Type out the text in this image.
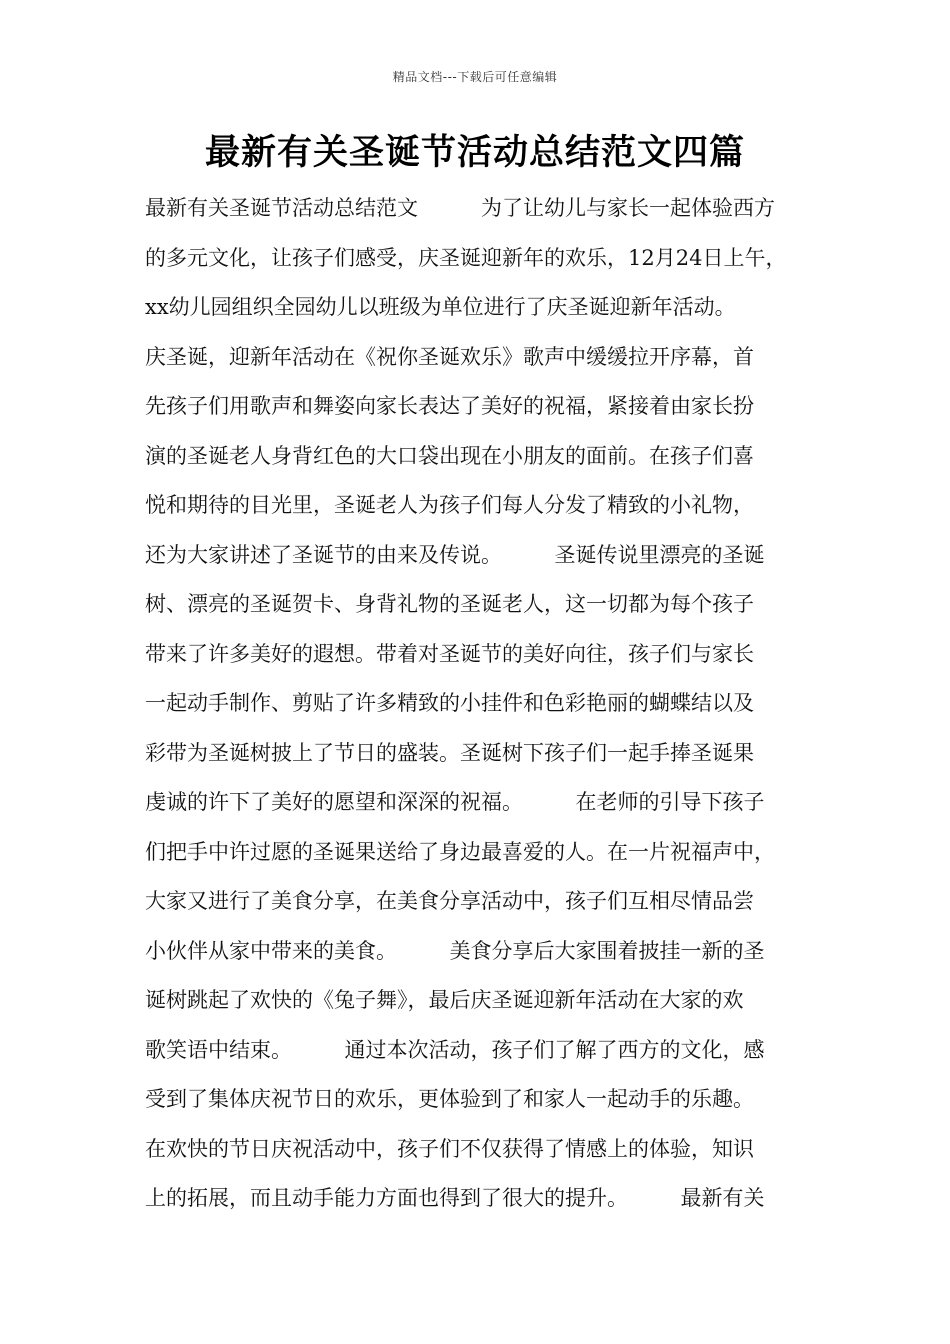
精品文档---下载后可任意编辑
最新有关圣诞节活动总结范文四篇
最新有关圣诞节活动总结范文　　　为了让幼儿与家长一起体验西方
的多元文化，让孩子们感受，庆圣诞迎新年的欢乐，12月24日上午，
xx幼儿园组织全园幼儿以班级为单位进行了庆圣诞迎新年活动。
庆圣诞，迎新年活动在《祝你圣诞欢乐》歌声中缓缓拉开序幕，首
先孩子们用歌声和舞姿向家长表达了美好的祝福，紧接着由家长扮
演的圣诞老人身背红色的大口袋出现在小朋友的面前。在孩子们喜
悦和期待的目光里，圣诞老人为孩子们每人分发了精致的小礼物，
还为大家讲述了圣诞节的由来及传说。　　　圣诞传说里漂亮的圣诞
树、漂亮的圣诞贺卡、身背礼物的圣诞老人，这一切都为每个孩子
带来了许多美好的遐想。带着对圣诞节的美好向往，孩子们与家长
一起动手制作、剪贴了许多精致的小挂件和色彩艳丽的蝴蝶结以及
彩带为圣诞树披上了节日的盛装。圣诞树下孩子们一起手捧圣诞果
虔诚的许下了美好的愿望和深深的祝福。　　　在老师的引导下孩子
们把手中许过愿的圣诞果送给了身边最喜爱的人。在一片祝福声中，
大家又进行了美食分享，在美食分享活动中，孩子们互相尽情品尝
小伙伴从家中带来的美食。　　　美食分享后大家围着披挂一新的圣
诞树跳起了欢快的《兔子舞》，最后庆圣诞迎新年活动在大家的欢
歌笑语中结束。　　　通过本次活动，孩子们了解了西方的文化，感
受到了集体庆祝节日的欢乐，更体验到了和家人一起动手的乐趣。
在欢快的节日庆祝活动中，孩子们不仅获得了情感上的体验，知识
上的拓展，而且动手能力方面也得到了很大的提升。　　　最新有关
